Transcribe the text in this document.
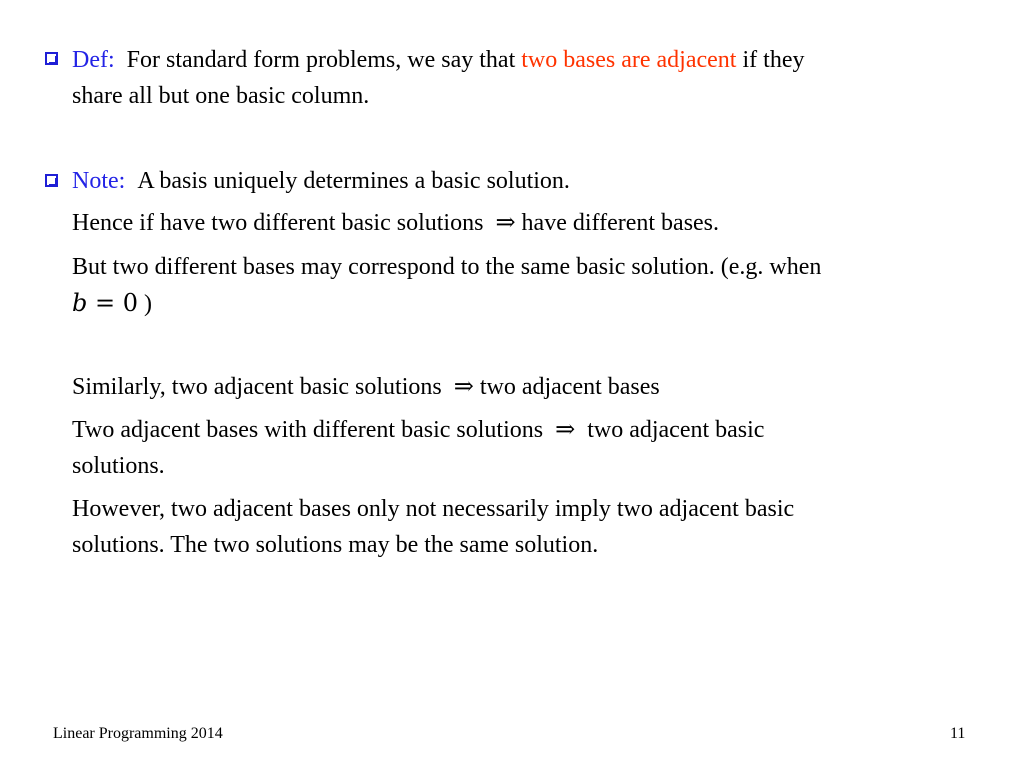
Def: For standard form problems, we say that two bases are adjacent if they
share all but one basic column.
Note: A basis uniquely determines a basic solution.
Hence if have two different basic solutions ⇒ have different bases.
But two different bases may correspond to the same basic solution. (e.g. when
b = 0 )
Similarly, two adjacent basic solutions ⇒ two adjacent bases
Two adjacent bases with different basic solutions ⇒ two adjacent basic
solutions.
However, two adjacent bases only not necessarily imply two adjacent basic
solutions. The two solutions may be the same solution.
Linear Programming 2014	11
